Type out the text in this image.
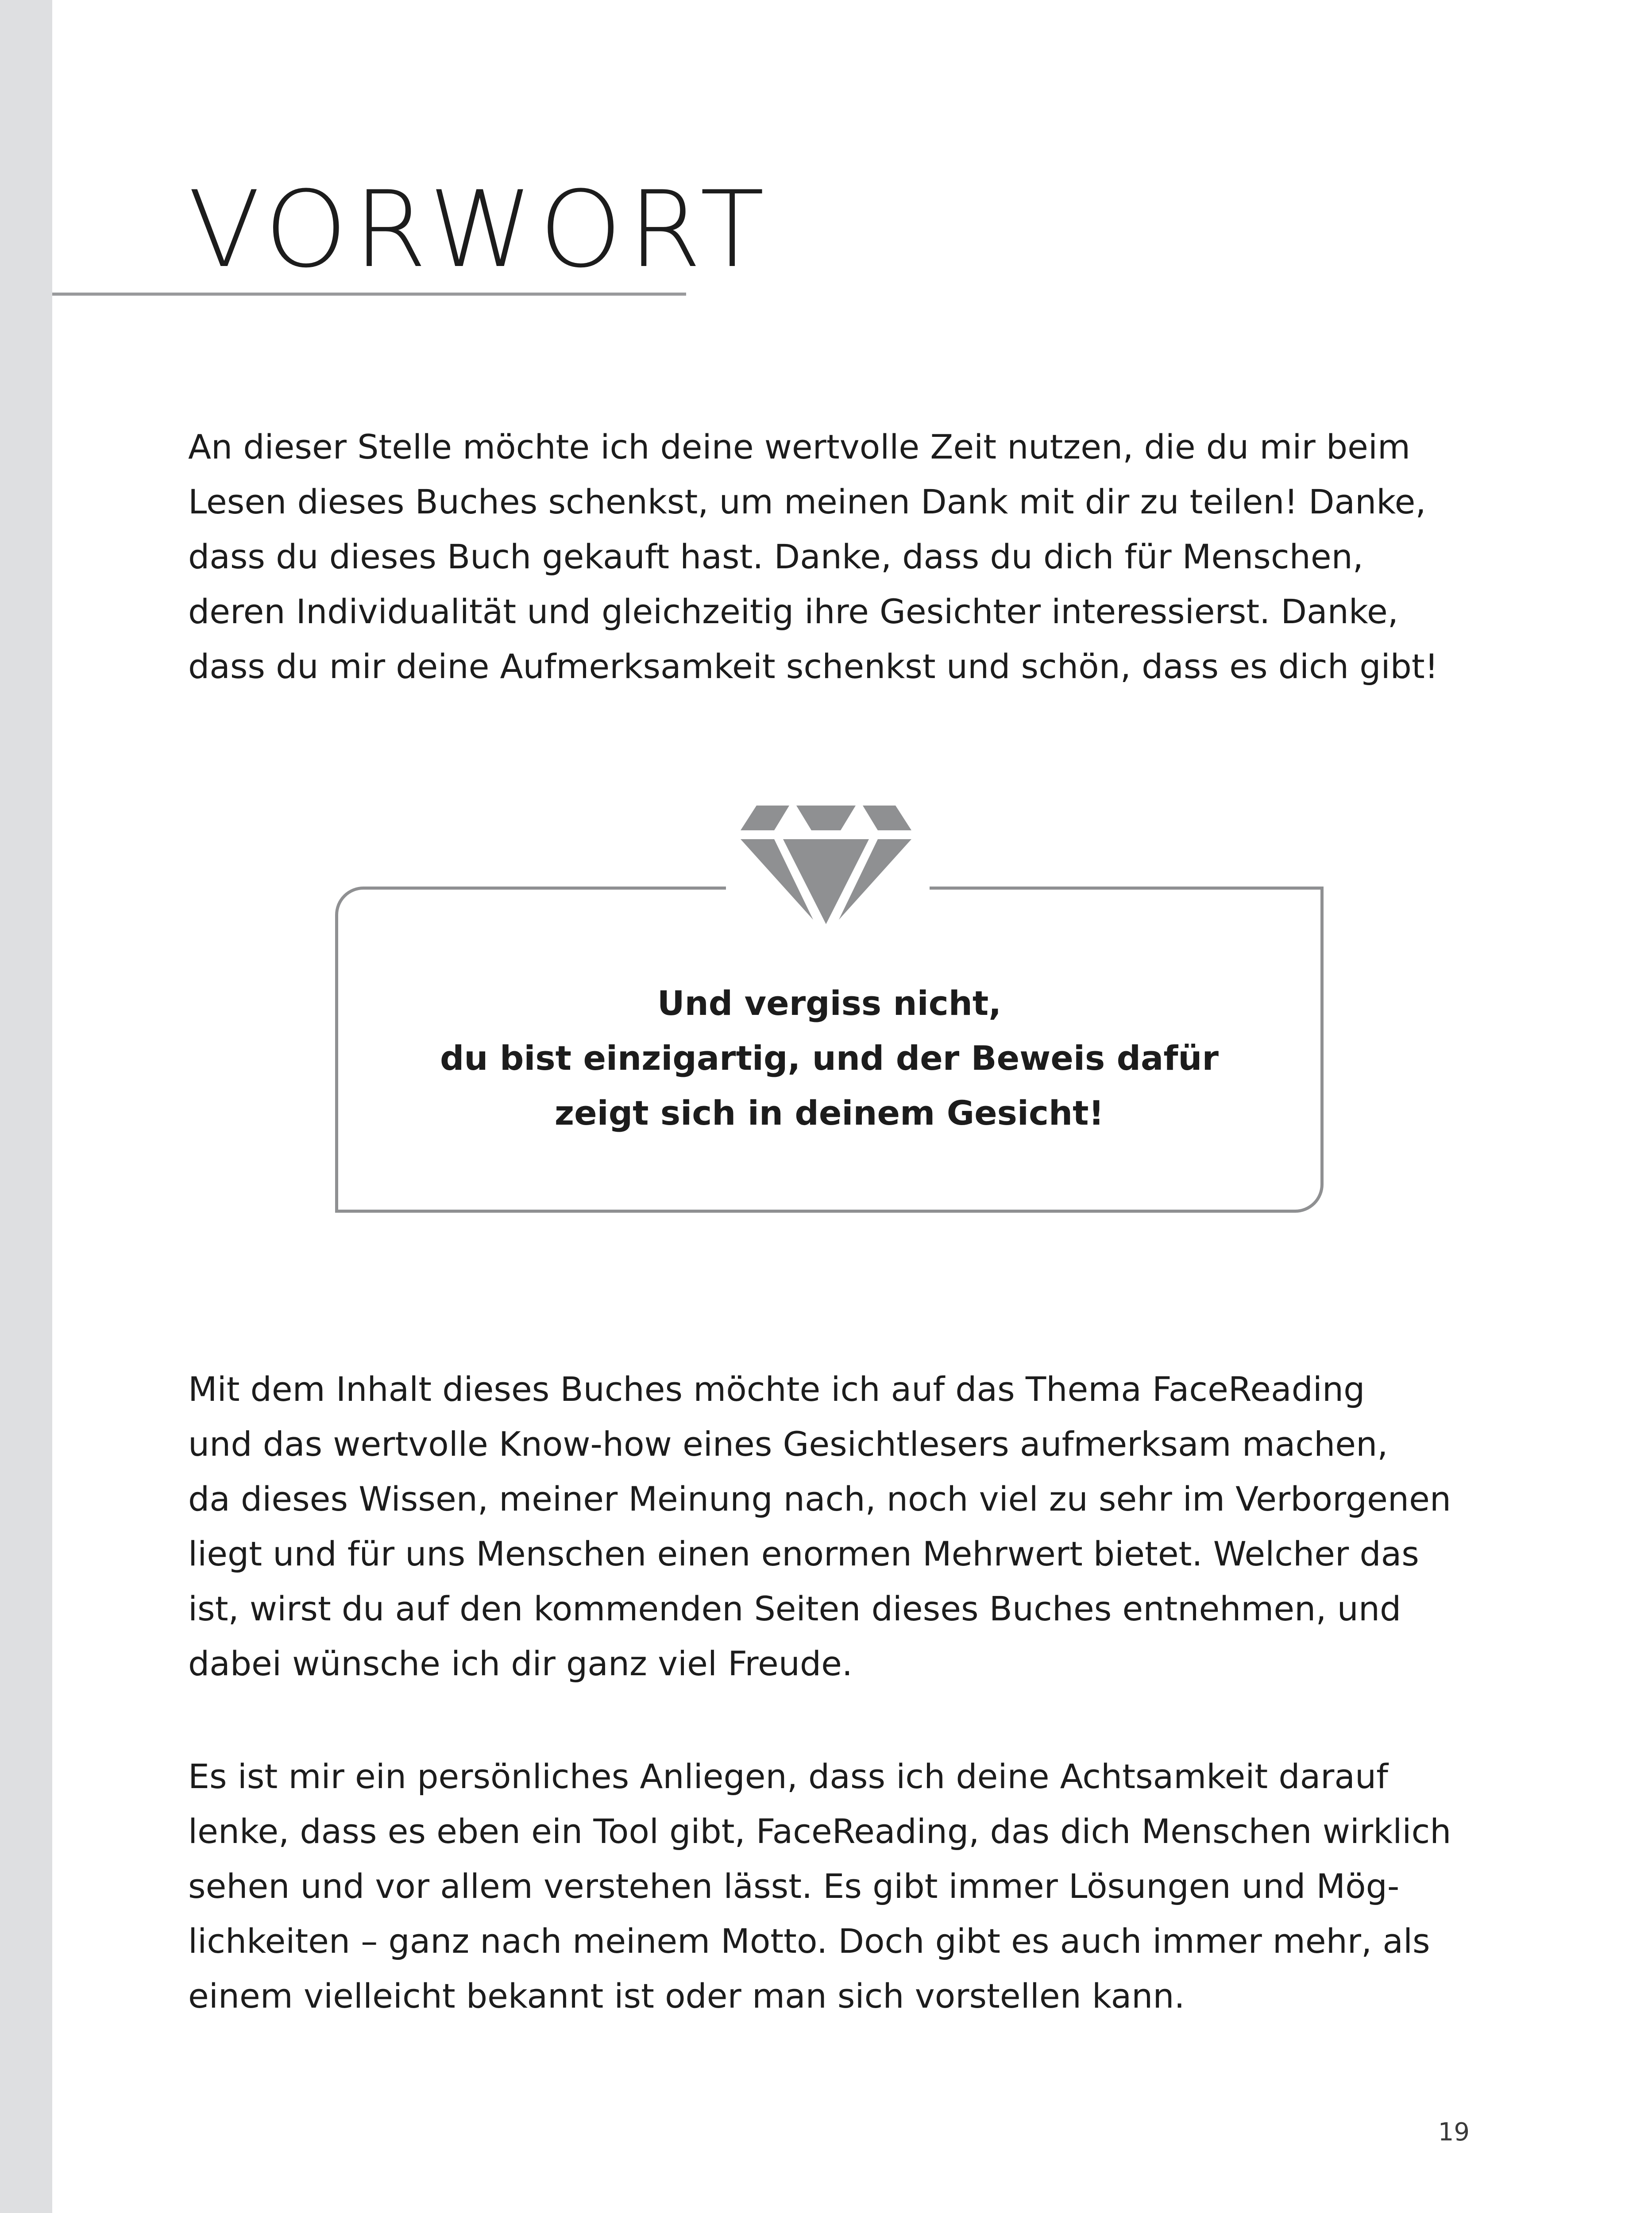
VORWORT

An dieser Stelle möchte ich deine wertvolle Zeit nutzen, die du mir beim
Lesen dieses Buches schenkst, um meinen Dank mit dir zu teilen! Danke,
dass du dieses Buch gekauft hast. Danke, dass du dich für Menschen,
deren Individualität und gleichzeitig ihre Gesichter interessierst. Danke,
dass du mir deine Aufmerksamkeit schenkst und schön, dass es dich gibt!

Und vergiss nicht,
du bist einzigartig, und der Beweis dafür
zeigt sich in deinem Gesicht!

Mit dem Inhalt dieses Buches möchte ich auf das Thema FaceReading
und das wertvolle Know-how eines Gesichtlesers aufmerksam machen,
da dieses Wissen, meiner Meinung nach, noch viel zu sehr im Verborgenen
liegt und für uns Menschen einen enormen Mehrwert bietet. Welcher das
ist, wirst du auf den kommenden Seiten dieses Buches entnehmen, und
dabei wünsche ich dir ganz viel Freude.

Es ist mir ein persönliches Anliegen, dass ich deine Achtsamkeit darauf
lenke, dass es eben ein Tool gibt, FaceReading, das dich Menschen wirklich
sehen und vor allem verstehen lässt. Es gibt immer Lösungen und Mög-
lichkeiten – ganz nach meinem Motto. Doch gibt es auch immer mehr, als
einem vielleicht bekannt ist oder man sich vorstellen kann.

19
